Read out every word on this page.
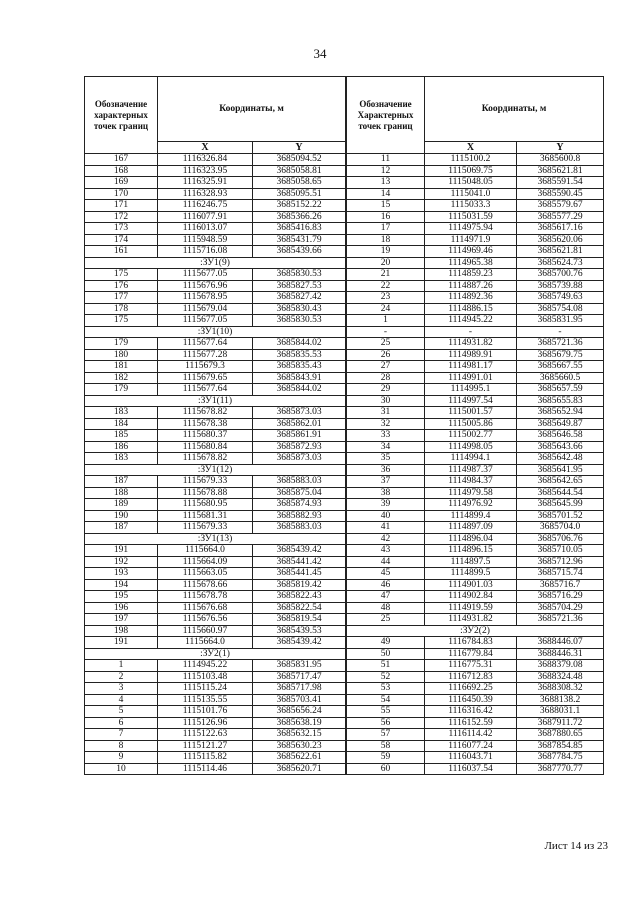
34
Обозначение характерных точек границ	Координаты, м	
	X	Y
167	1116326.84	3685094.52
168	1116323.95	3685058.81
169	1116325.91	3685058.65
170	1116328.93	3685095.51
171	1116246.75	3685152.22
172	1116077.91	3685366.26
173	1116013.07	3685416.83
174	1115948.59	3685431.79
161	1115716.08	3685439.66
:ЗУ1(9)		
175	1115677.05	3685830.53
176	1115676.96	3685827.53
177	1115678.95	3685827.42
178	1115679.04	3685830.43
175	1115677.05	3685830.53
:ЗУ1(10)		
179	1115677.64	3685844.02
180	1115677.28	3685835.53
181	1115679.3	3685835.43
182	1115679.65	3685843.91
179	1115677.64	3685844.02
:ЗУ1(11)		
183	1115678.82	3685873.03
184	1115678.38	3685862.01
185	1115680.37	3685861.91
186	1115680.84	3685872.93
183	1115678.82	3685873.03
:ЗУ1(12)		
187	1115679.33	3685883.03
188	1115678.88	3685875.04
189	1115680.95	3685874.93
190	1115681.31	3685882.93
187	1115679.33	3685883.03
:ЗУ1(13)		
191	1115664.0	3685439.42
192	1115664.09	3685441.42
193	1115663.05	3685441.45
194	1115678.66	3685819.42
195	1115678.78	3685822.43
196	1115676.68	3685822.54
197	1115676.56	3685819.54
198	1115660.97	3685439.53
191	1115664.0	3685439.42
:ЗУ2(1)		
1	1114945.22	3685831.95
2	1115103.48	3685717.47
3	1115115.24	3685717.98
4	1115135.55	3685703.41
5	1115101.76	3685656.24
6	1115126.96	3685638.19
7	1115122.63	3685632.15
8	1115121.27	3685630.23
9	1115115.82	3685622.61
10	1115114.46	3685620.71
Обозначение Характерных точек границ	Координаты, м	
	X	Y
11	1115100.2	3685600.8
12	1115069.75	3685621.81
13	1115048.05	3685591.54
14	1115041.0	3685590.45
15	1115033.3	3685579.67
16	1115031.59	3685577.29
17	1114975.94	3685617.16
18	1114971.9	3685620.06
19	1114969.46	3685621.81
20	1114965.38	3685624.73
21	1114859.23	3685700.76
22	1114887.26	3685739.88
23	1114892.36	3685749.63
24	1114886.15	3685754.08
1	1114945.22	3685831.95
-	-	-
25	1114931.82	3685721.36
26	1114989.91	3685679.75
27	1114981.17	3685667.55
28	1114991.01	3685660.5
29	1114995.1	3685657.59
30	1114997.54	3685655.83
31	1115001.57	3685652.94
32	1115005.86	3685649.87
33	1115002.77	3685646.58
34	1114998.05	3685643.66
35	1114994.1	3685642.48
36	1114987.37	3685641.95
37	1114984.37	3685642.65
38	1114979.58	3685644.54
39	1114976.92	3685645.99
40	1114899.4	3685701.52
41	1114897.09	3685704.0
42	1114896.04	3685706.76
43	1114896.15	3685710.05
44	1114897.5	3685712.96
45	1114899.5	3685715.74
46	1114901.03	3685716.7
47	1114902.84	3685716.29
48	1114919.59	3685704.29
25	1114931.82	3685721.36
:ЗУ2(2)		
49	1116784.83	3688446.07
50	1116779.84	3688446.31
51	1116775.31	3688379.08
52	1116712.83	3688324.48
53	1116692.25	3688308.32
54	1116450.39	3688138.2
55	1116316.42	3688031.1
56	1116152.59	3687911.72
57	1116114.42	3687880.65
58	1116077.24	3687854.85
59	1116043.71	3687784.75
60	1116037.54	3687770.77
Лист 14 из 23
